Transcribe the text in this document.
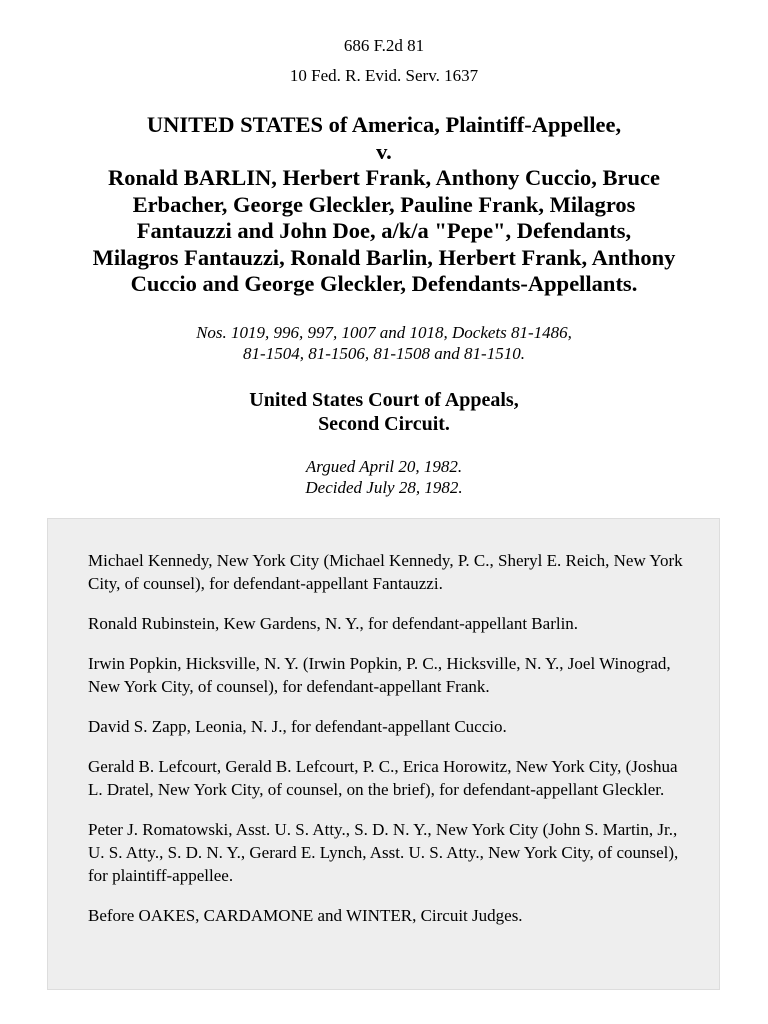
686 F.2d 81
10 Fed. R. Evid. Serv. 1637
UNITED STATES of America, Plaintiff-Appellee,
v.
Ronald BARLIN, Herbert Frank, Anthony Cuccio, Bruce
Erbacher, George Gleckler, Pauline Frank, Milagros
Fantauzzi and John Doe, a/k/a "Pepe", Defendants,
Milagros Fantauzzi, Ronald Barlin, Herbert Frank, Anthony
Cuccio and George Gleckler, Defendants-Appellants.
Nos. 1019, 996, 997, 1007 and 1018, Dockets 81-1486,
81-1504, 81-1506, 81-1508 and 81-1510.
United States Court of Appeals,
Second Circuit.
Argued April 20, 1982.
Decided July 28, 1982.
Michael Kennedy, New York City (Michael Kennedy, P. C., Sheryl E. Reich, New York City, of counsel), for defendant-appellant Fantauzzi.
Ronald Rubinstein, Kew Gardens, N. Y., for defendant-appellant Barlin.
Irwin Popkin, Hicksville, N. Y. (Irwin Popkin, P. C., Hicksville, N. Y., Joel Winograd, New York City, of counsel), for defendant-appellant Frank.
David S. Zapp, Leonia, N. J., for defendant-appellant Cuccio.
Gerald B. Lefcourt, Gerald B. Lefcourt, P. C., Erica Horowitz, New York City, (Joshua L. Dratel, New York City, of counsel, on the brief), for defendant-appellant Gleckler.
Peter J. Romatowski, Asst. U. S. Atty., S. D. N. Y., New York City (John S. Martin, Jr., U. S. Atty., S. D. N. Y., Gerard E. Lynch, Asst. U. S. Atty., New York City, of counsel), for plaintiff-appellee.
Before OAKES, CARDAMONE and WINTER, Circuit Judges.
